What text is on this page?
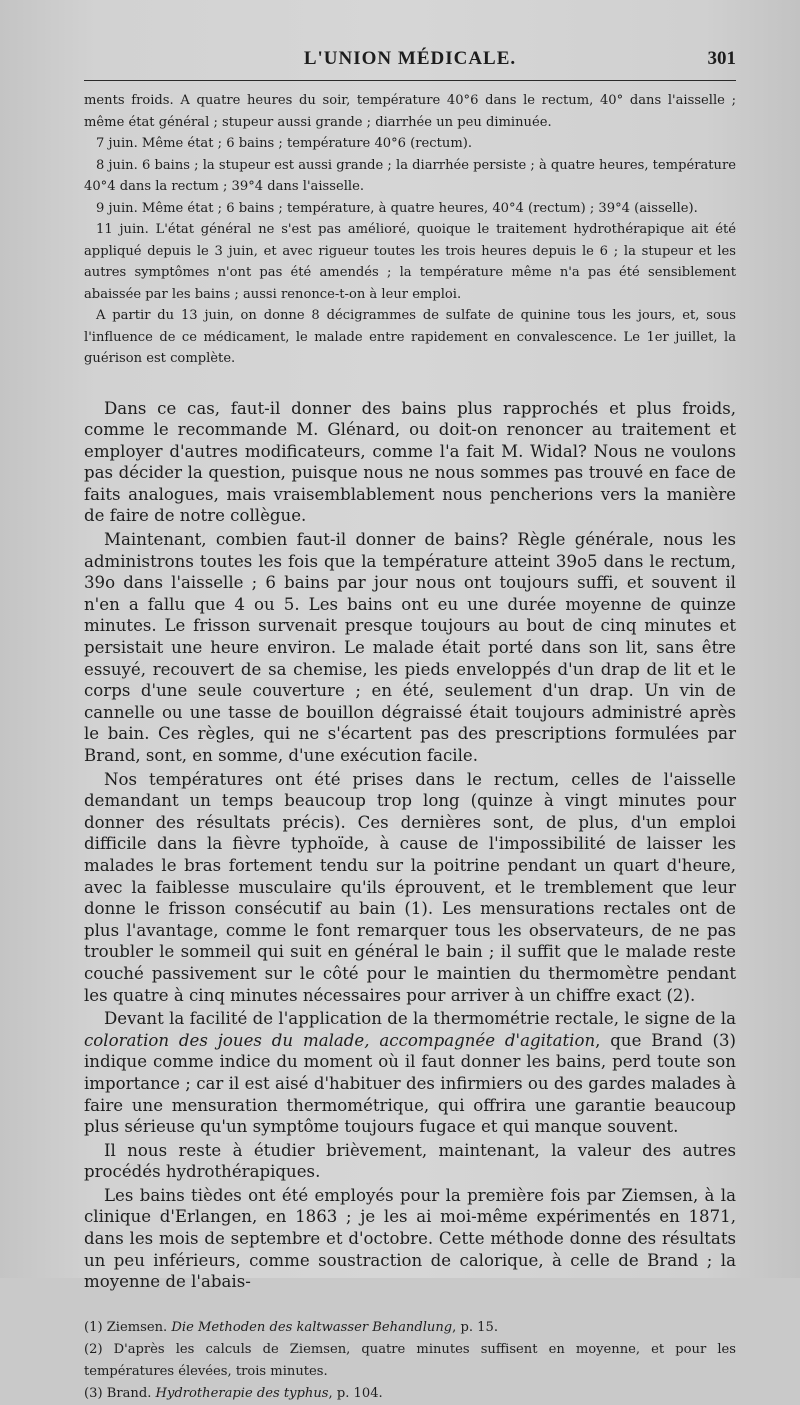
L'UNION MÉDICALE.	301

ments froids. A quatre heures du soir, température 40°6 dans le rectum, 40° dans l'aisselle ; même état général ; stupeur aussi grande ; diarrhée un peu diminuée.

7 juin. Même état ; 6 bains ; température 40°6 (rectum).

8 juin. 6 bains ; la stupeur est aussi grande ; la diarrhée persiste ; à quatre heures, température 40°4 dans la rectum ; 39°4 dans l'aisselle.

9 juin. Même état ; 6 bains ; température, à quatre heures, 40°4 (rectum) ; 39°4 (aisselle).

11 juin. L'état général ne s'est pas amélioré, quoique le traitement hydrothérapique ait été appliqué depuis le 3 juin, et avec rigueur toutes les trois heures depuis le 6 ; la stupeur et les autres symptômes n'ont pas été amendés ; la température même n'a pas été sensiblement abaissée par les bains ; aussi renonce-t-on à leur emploi.

A partir du 13 juin, on donne 8 décigrammes de sulfate de quinine tous les jours, et, sous l'influence de ce médicament, le malade entre rapidement en convalescence. Le 1er juillet, la guérison est complète.

Dans ce cas, faut-il donner des bains plus rapprochés et plus froids, comme le recommande M. Glénard, ou doit-on renoncer au traitement et employer d'autres modificateurs, comme l'a fait M. Widal? Nous ne voulons pas décider la question, puisque nous ne nous sommes pas trouvé en face de faits analogues, mais vraisemblablement nous pencherions vers la manière de faire de notre collègue.

Maintenant, combien faut-il donner de bains? Règle générale, nous les administrons toutes les fois que la température atteint 39o5 dans le rectum, 39o dans l'aisselle ; 6 bains par jour nous ont toujours suffi, et souvent il n'en a fallu que 4 ou 5. Les bains ont eu une durée moyenne de quinze minutes. Le frisson survenait presque toujours au bout de cinq minutes et persistait une heure environ. Le malade était porté dans son lit, sans être essuyé, recouvert de sa chemise, les pieds enveloppés d'un drap de lit et le corps d'une seule couverture ; en été, seulement d'un drap. Un vin de cannelle ou une tasse de bouillon dégraissé était toujours administré après le bain. Ces règles, qui ne s'écartent pas des prescriptions formulées par Brand, sont, en somme, d'une exécution facile.

Nos températures ont été prises dans le rectum, celles de l'aisselle demandant un temps beaucoup trop long (quinze à vingt minutes pour donner des résultats précis). Ces dernières sont, de plus, d'un emploi difficile dans la fièvre typhoïde, à cause de l'impossibilité de laisser les malades le bras fortement tendu sur la poitrine pendant un quart d'heure, avec la faiblesse musculaire qu'ils éprouvent, et le tremblement que leur donne le frisson consécutif au bain (1). Les mensurations rectales ont de plus l'avantage, comme le font remarquer tous les observateurs, de ne pas troubler le sommeil qui suit en général le bain ; il suffit que le malade reste couché passivement sur le côté pour le maintien du thermomètre pendant les quatre à cinq minutes nécessaires pour arriver à un chiffre exact (2).

Devant la facilité de l'application de la thermométrie rectale, le signe de la coloration des joues du malade, accompagnée d'agitation, que Brand (3) indique comme indice du moment où il faut donner les bains, perd toute son importance ; car il est aisé d'habituer des infirmiers ou des gardes malades à faire une mensuration thermométrique, qui offrira une garantie beaucoup plus sérieuse qu'un symptôme toujours fugace et qui manque souvent.

Il nous reste à étudier brièvement, maintenant, la valeur des autres procédés hydrothérapiques.

Les bains tièdes ont été employés pour la première fois par Ziemsen, à la clinique d'Erlangen, en 1863 ; je les ai moi-même expérimentés en 1871, dans les mois de septembre et d'octobre. Cette méthode donne des résultats un peu inférieurs, comme soustraction de calorique, à celle de Brand ; la moyenne de l'abais-

(1) Ziemsen. Die Methoden des kaltwasser Behandlung, p. 15.

(2) D'après les calculs de Ziemsen, quatre minutes suffisent en moyenne, et pour les températures élevées, trois minutes.

(3) Brand. Hydrotherapie des typhus, p. 104.
